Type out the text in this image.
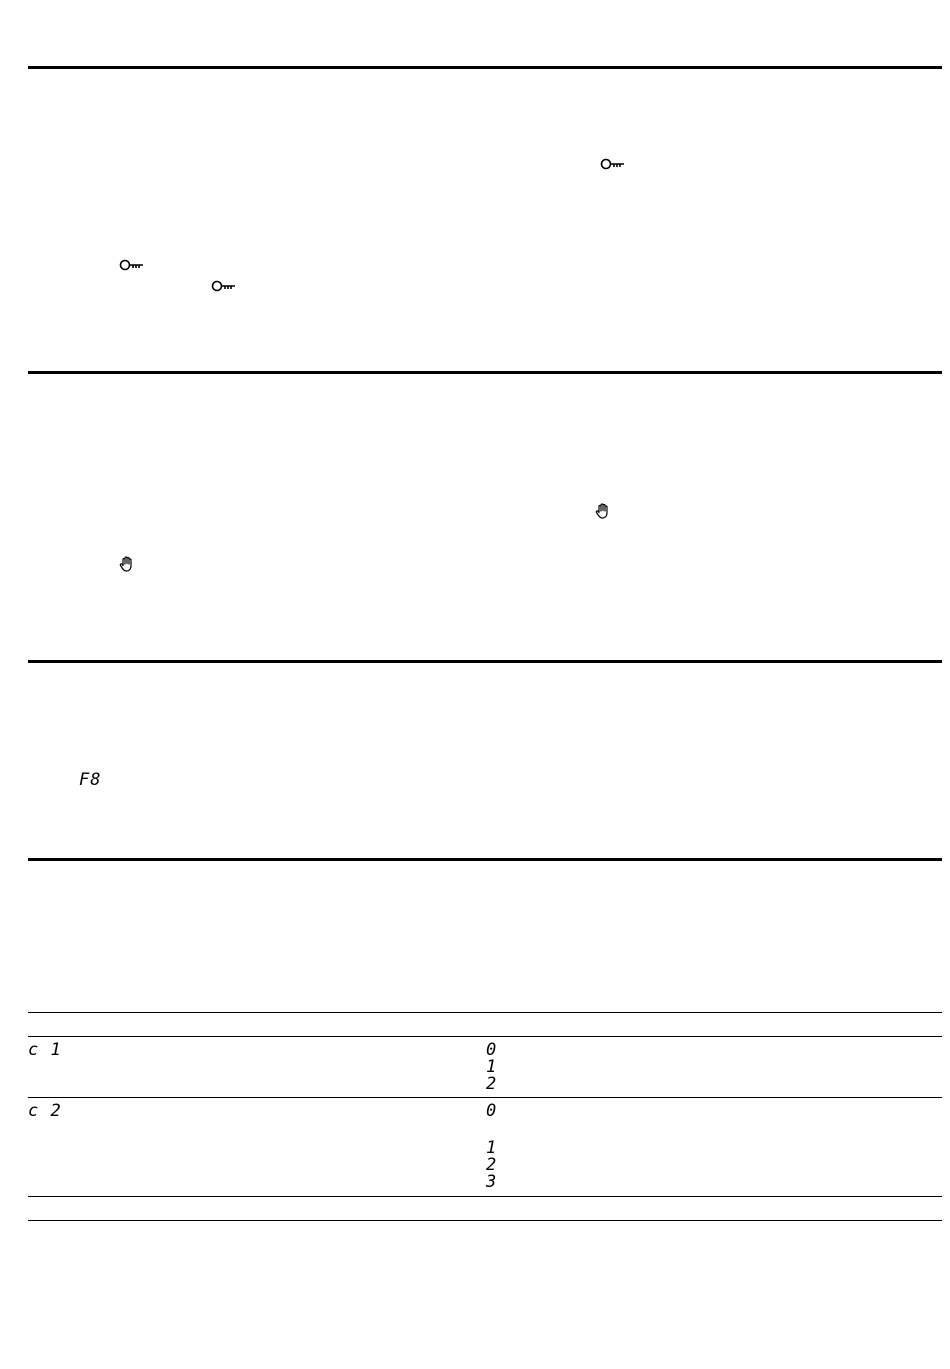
F8
c 1	0
1
2
c 2	0
1
2
3
